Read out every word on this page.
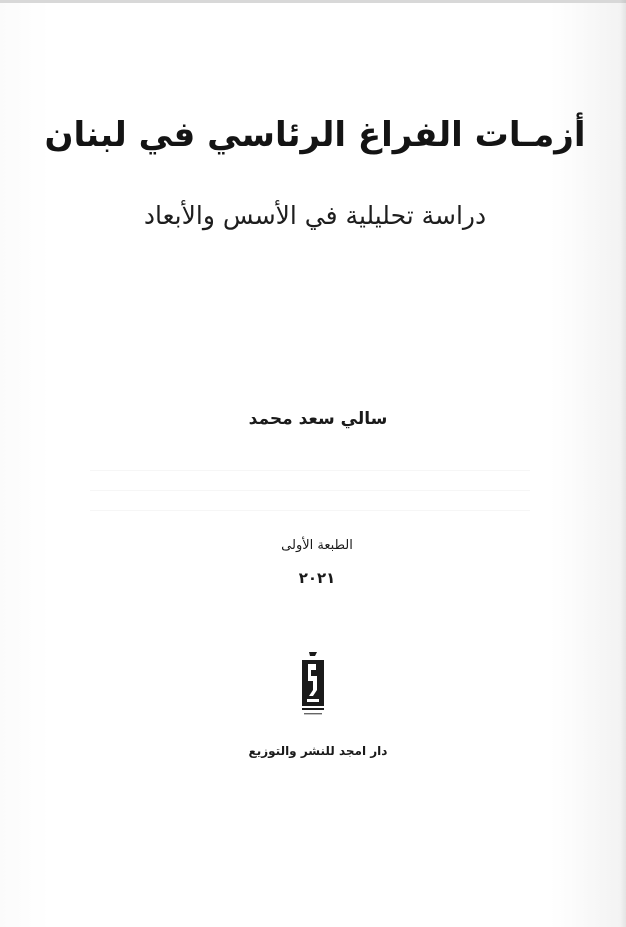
أزمـات الفراغ الرئاسي في لبنان
دراسة تحليلية في الأسس والأبعاد
سالي سعد محمد
الطبعة الأولى
٢٠٢١
دار امجد للنشر والتوزيع
